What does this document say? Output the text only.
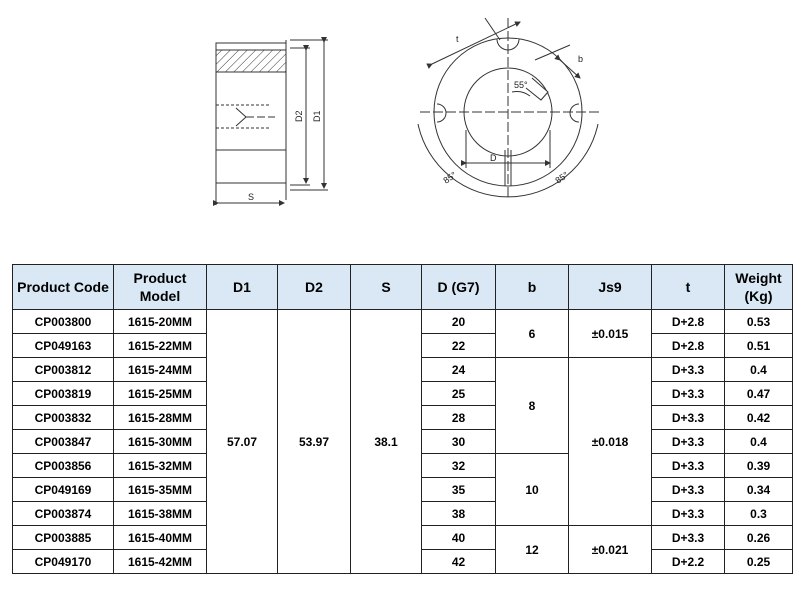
D2 D1
S
t
b
D
55°
85°	85°
Product Code	Product Model	D1	D2	S	D (G7)	b	Js9	t	Weight (Kg)
CP003800	1615-20MM	57.07	53.97	38.1	20	6	±0.015	D+2.8	0.53
CP049163	1615-22MM				22			D+2.8	0.51
CP003812	1615-24MM				24	8	±0.018	D+3.3	0.4
CP003819	1615-25MM				25			D+3.3	0.47
CP003832	1615-28MM				28			D+3.3	0.42
CP003847	1615-30MM				30			D+3.3	0.4
CP003856	1615-32MM				32	10		D+3.3	0.39
CP049169	1615-35MM				35			D+3.3	0.34
CP003874	1615-38MM				38			D+3.3	0.3
CP003885	1615-40MM				40	12	±0.021	D+3.3	0.26
CP049170	1615-42MM				42			D+2.2	0.25
